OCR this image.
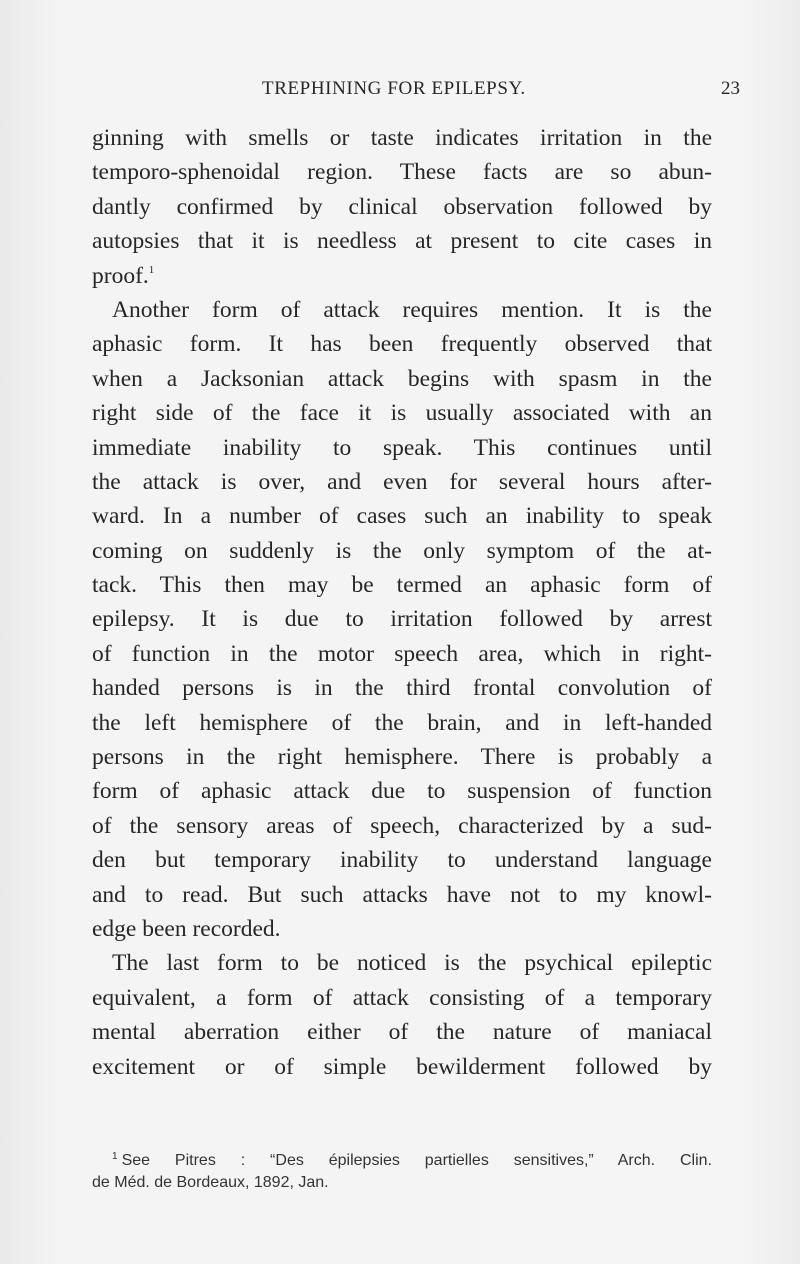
TREPHINING FOR EPILEPSY.	23
ginning with smells or taste indicates irritation in the
temporo-sphenoidal region. These facts are so abun-
dantly confirmed by clinical observation followed by
autopsies that it is needless at present to cite cases in
proof.$^1$
Another form of attack requires mention. It is the
aphasic form. It has been frequently observed that
when a Jacksonian attack begins with spasm in the
right side of the face it is usually associated with an
immediate inability to speak. This continues until
the attack is over, and even for several hours after-
ward. In a number of cases such an inability to speak
coming on suddenly is the only symptom of the at-
tack. This then may be termed an aphasic form of
epilepsy. It is due to irritation followed by arrest
of function in the motor speech area, which in right-
handed persons is in the third frontal convolution of
the left hemisphere of the brain, and in left-handed
persons in the right hemisphere. There is probably a
form of aphasic attack due to suspension of function
of the sensory areas of speech, characterized by a sud-
den but temporary inability to understand language
and to read. But such attacks have not to my knowl-
edge been recorded.
The last form to be noticed is the psychical epileptic
equivalent, a form of attack consisting of a temporary
mental aberration either of the nature of maniacal
excitement or of simple bewilderment followed by
$^1$ See Pitres : “Des épilepsies partielles sensitives,” Arch. Clin.
de Méd. de Bordeaux, 1892, Jan.
